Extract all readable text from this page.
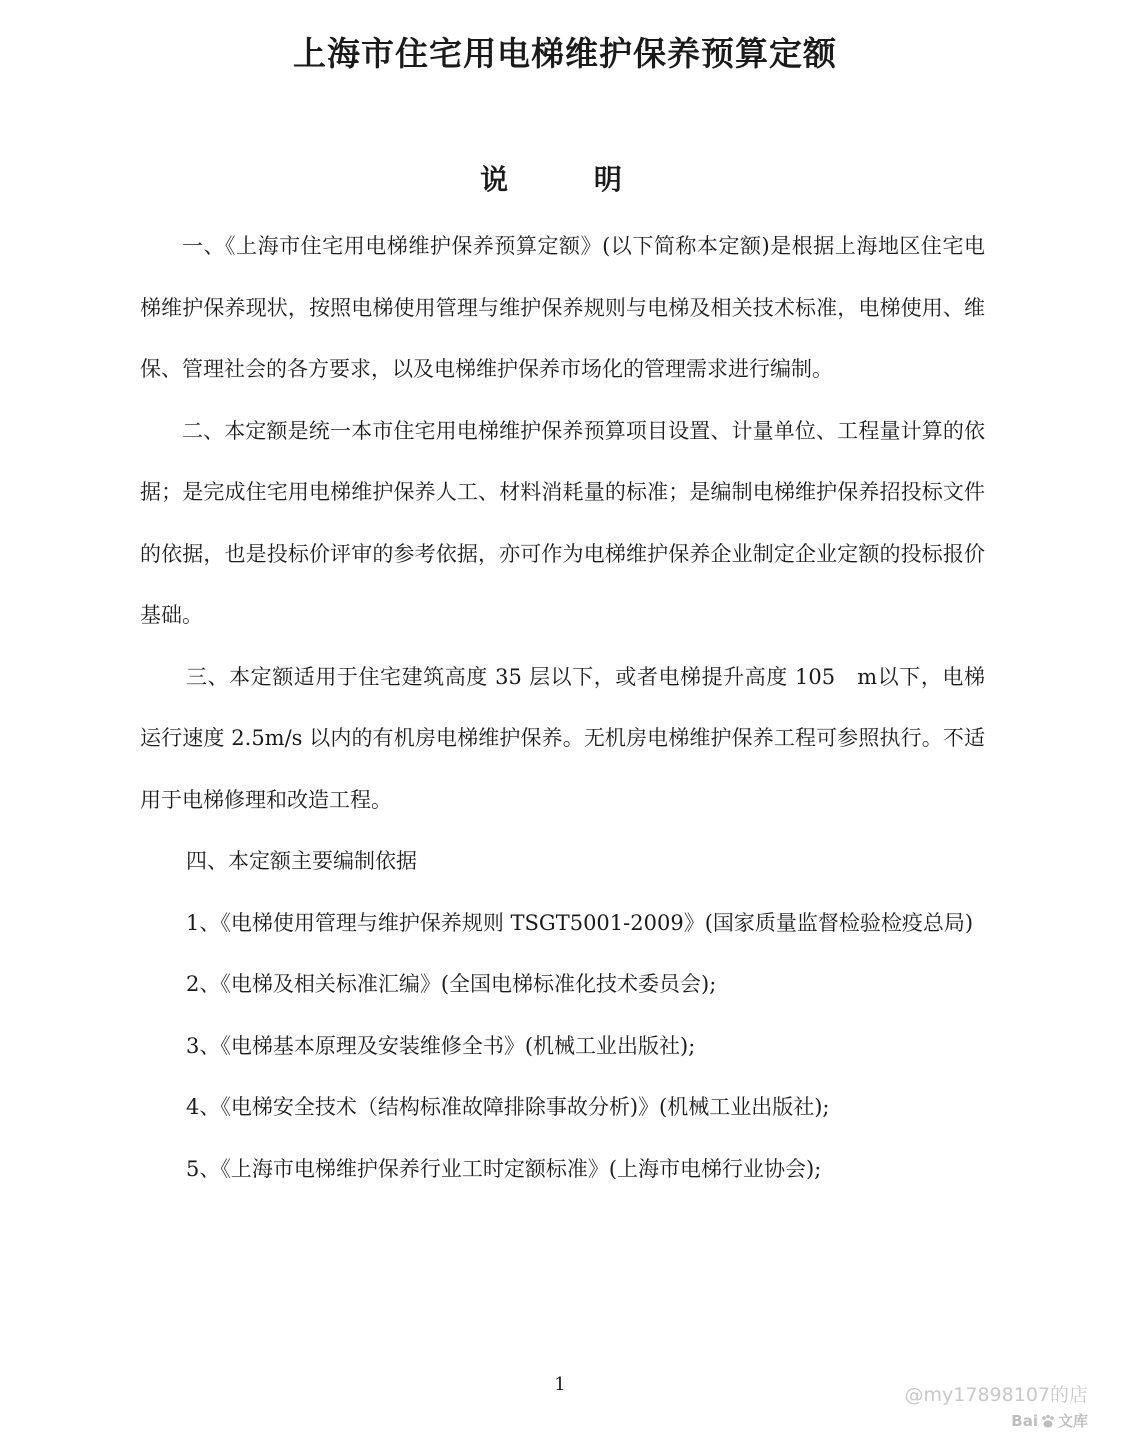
上海市住宅用电梯维护保养预算定额
说 明

一、《上海市住宅用电梯维护保养预算定额》(以下简称本定额)是根据上海地区住宅电梯维护保养现状，按照电梯使用管理与维护保养规则与电梯及相关技术标准，电梯使用、维保、管理社会的各方要求，以及电梯维护保养市场化的管理需求进行编制。

二、本定额是统一本市住宅用电梯维护保养预算项目设置、计量单位、工程量计算的依据；是完成住宅用电梯维护保养人工、材料消耗量的标准；是编制电梯维护保养招投标文件的依据，也是投标价评审的参考依据，亦可作为电梯维护保养企业制定企业定额的投标报价基础。

三、本定额适用于住宅建筑高度 35 层以下，或者电梯提升高度 105　m以下，电梯运行速度 2.5m/s 以内的有机房电梯维护保养。无机房电梯维护保养工程可参照执行。不适用于电梯修理和改造工程。

四、本定额主要编制依据

1、《电梯使用管理与维护保养规则 TSGT5001-2009》(国家质量监督检验检疫总局)

2、《电梯及相关标准汇编》(全国电梯标准化技术委员会);

3、《电梯基本原理及安装维修全书》(机械工业出版社);

4、《电梯安全技术（结构标准故障排除事故分析)》(机械工业出版社);

5、《上海市电梯维护保养行业工时定额标准》(上海市电梯行业协会);

1	@my17898107的店
Bai 文库
